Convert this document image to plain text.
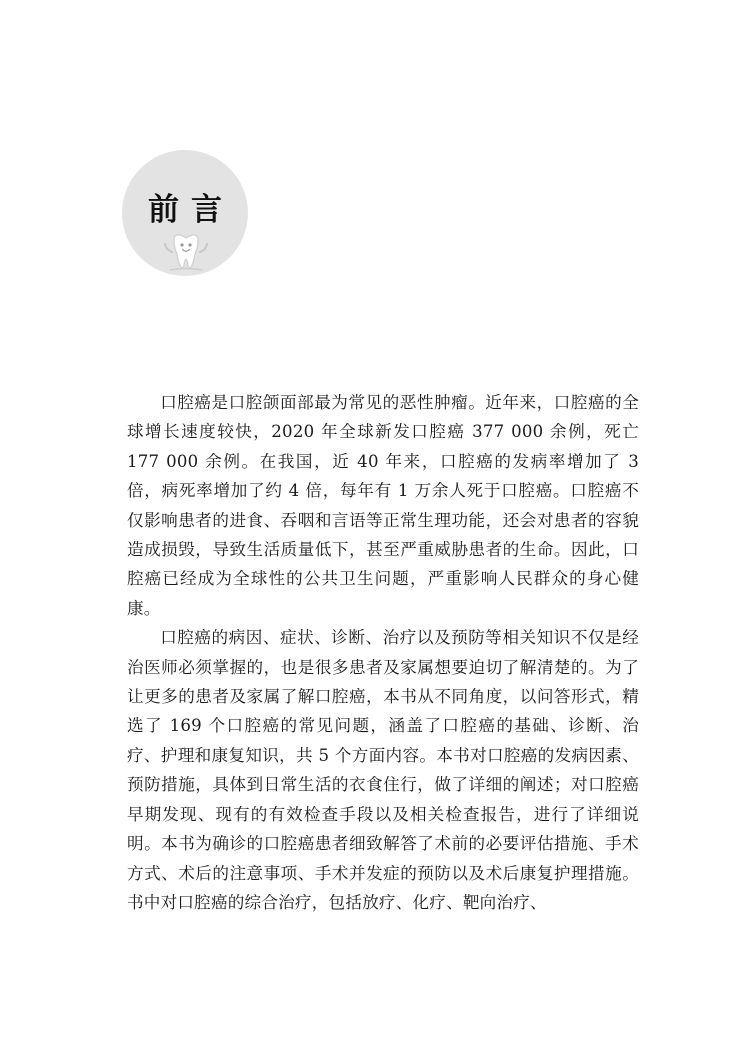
前言

口腔癌是口腔颌面部最为常见的恶性肿瘤。近年来，口腔癌的全球增长速度较快，2020 年全球新发口腔癌 377 000 余例，死亡 177 000 余例。在我国，近 40 年来，口腔癌的发病率增加了 3 倍，病死率增加了约 4 倍，每年有 1 万余人死于口腔癌。口腔癌不仅影响患者的进食、吞咽和言语等正常生理功能，还会对患者的容貌造成损毁，导致生活质量低下，甚至严重威胁患者的生命。因此，口腔癌已经成为全球性的公共卫生问题，严重影响人民群众的身心健康。

口腔癌的病因、症状、诊断、治疗以及预防等相关知识不仅是经治医师必须掌握的，也是很多患者及家属想要迫切了解清楚的。为了让更多的患者及家属了解口腔癌，本书从不同角度，以问答形式，精选了 169 个口腔癌的常见问题，涵盖了口腔癌的基础、诊断、治疗、护理和康复知识，共 5 个方面内容。本书对口腔癌的发病因素、预防措施，具体到日常生活的衣食住行，做了详细的阐述；对口腔癌早期发现、现有的有效检查手段以及相关检查报告，进行了详细说明。本书为确诊的口腔癌患者细致解答了术前的必要评估措施、手术方式、术后的注意事项、手术并发症的预防以及术后康复护理措施。书中对口腔癌的综合治疗，包括放疗、化疗、靶向治疗、
